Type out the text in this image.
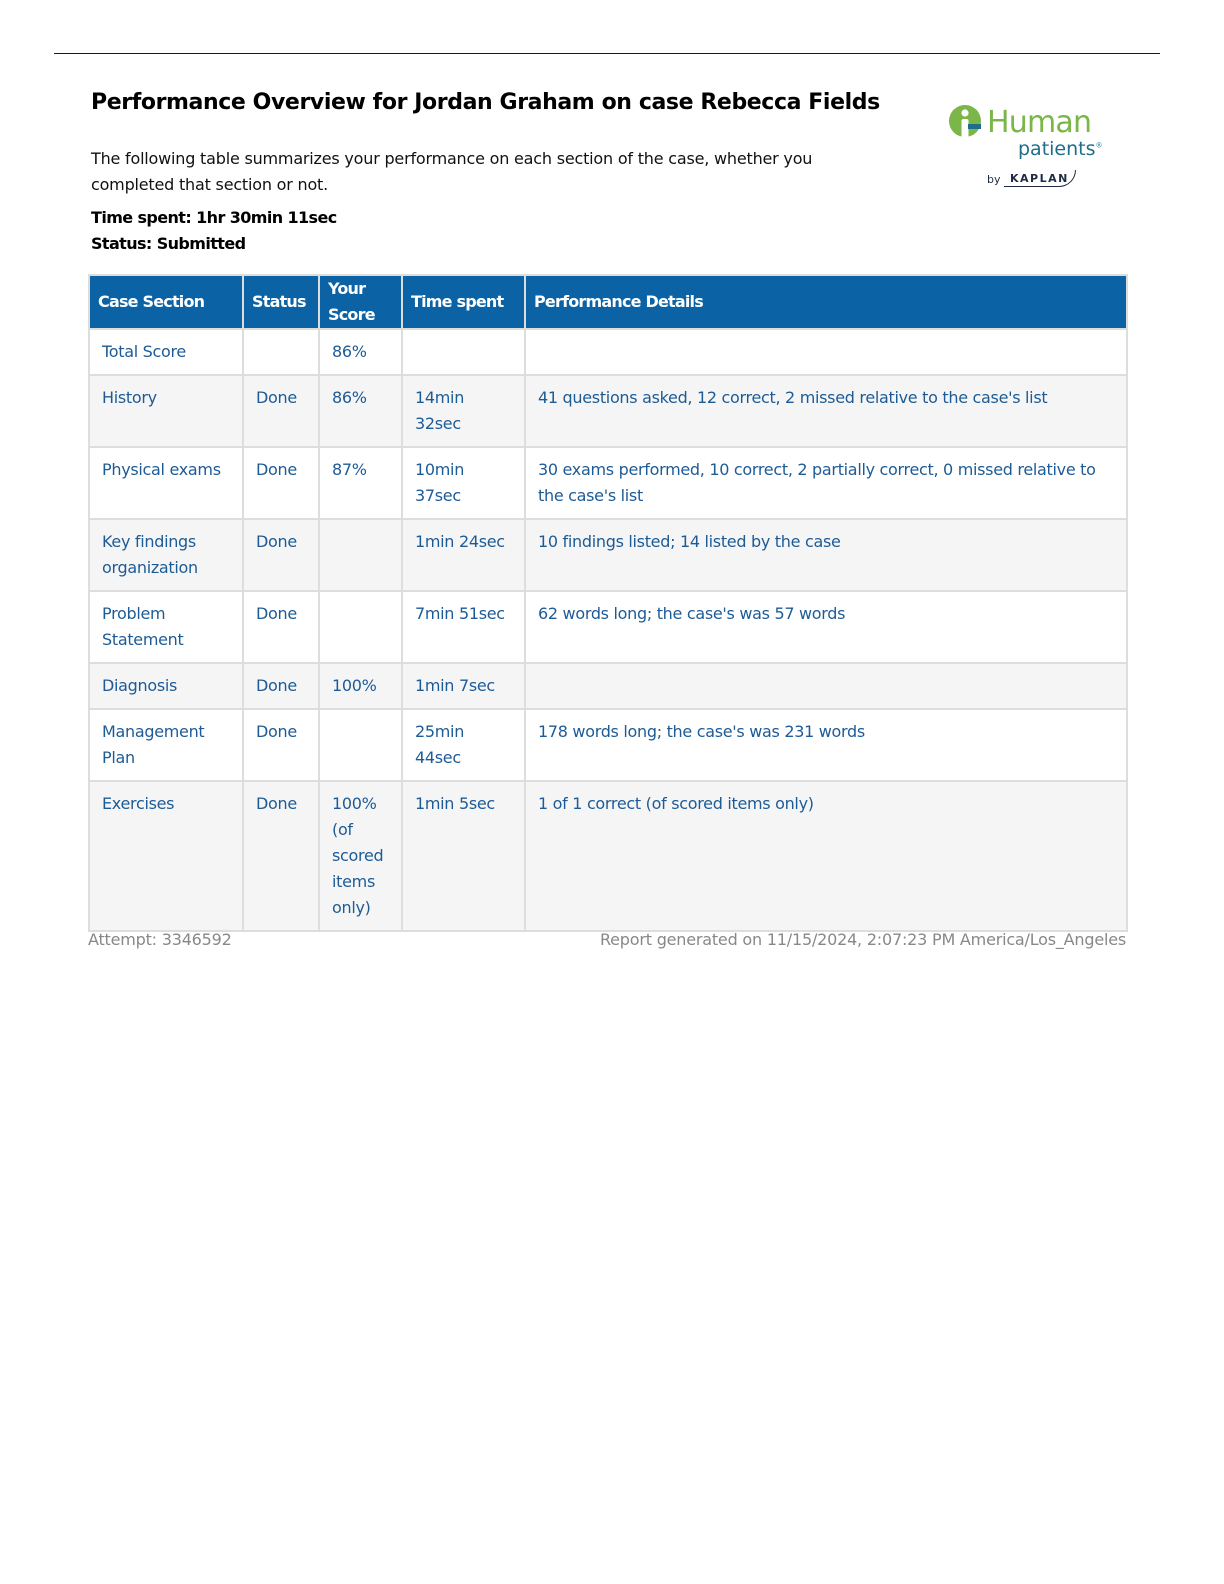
Performance Overview for Jordan Graham on case Rebecca Fields

The following table summarizes your performance on each section of the case, whether you completed that section or not.

Time spent: 1hr 30min 11sec

Status: Submitted

Human
patients®
by KAPLAN
Case Section	Status	Your Score	Time spent	Performance Details
Total Score		86%		
History	Done	86%	14min 32sec	41 questions asked, 12 correct, 2 missed relative to the case's list
Physical exams	Done	87%	10min 37sec	30 exams performed, 10 correct, 2 partially correct, 0 missed relative to the case's list
Key findings organization	Done		1min 24sec	10 findings listed; 14 listed by the case
Problem Statement	Done		7min 51sec	62 words long; the case's was 57 words
Diagnosis	Done	100%	1min 7sec	
Management Plan	Done		25min 44sec	178 words long; the case's was 231 words
Exercises	Done	100% (of scored items only)	1min 5sec	1 of 1 correct (of scored items only)
Attempt: 3346592	Report generated on 11/15/2024, 2:07:23 PM America/Los_Angeles
